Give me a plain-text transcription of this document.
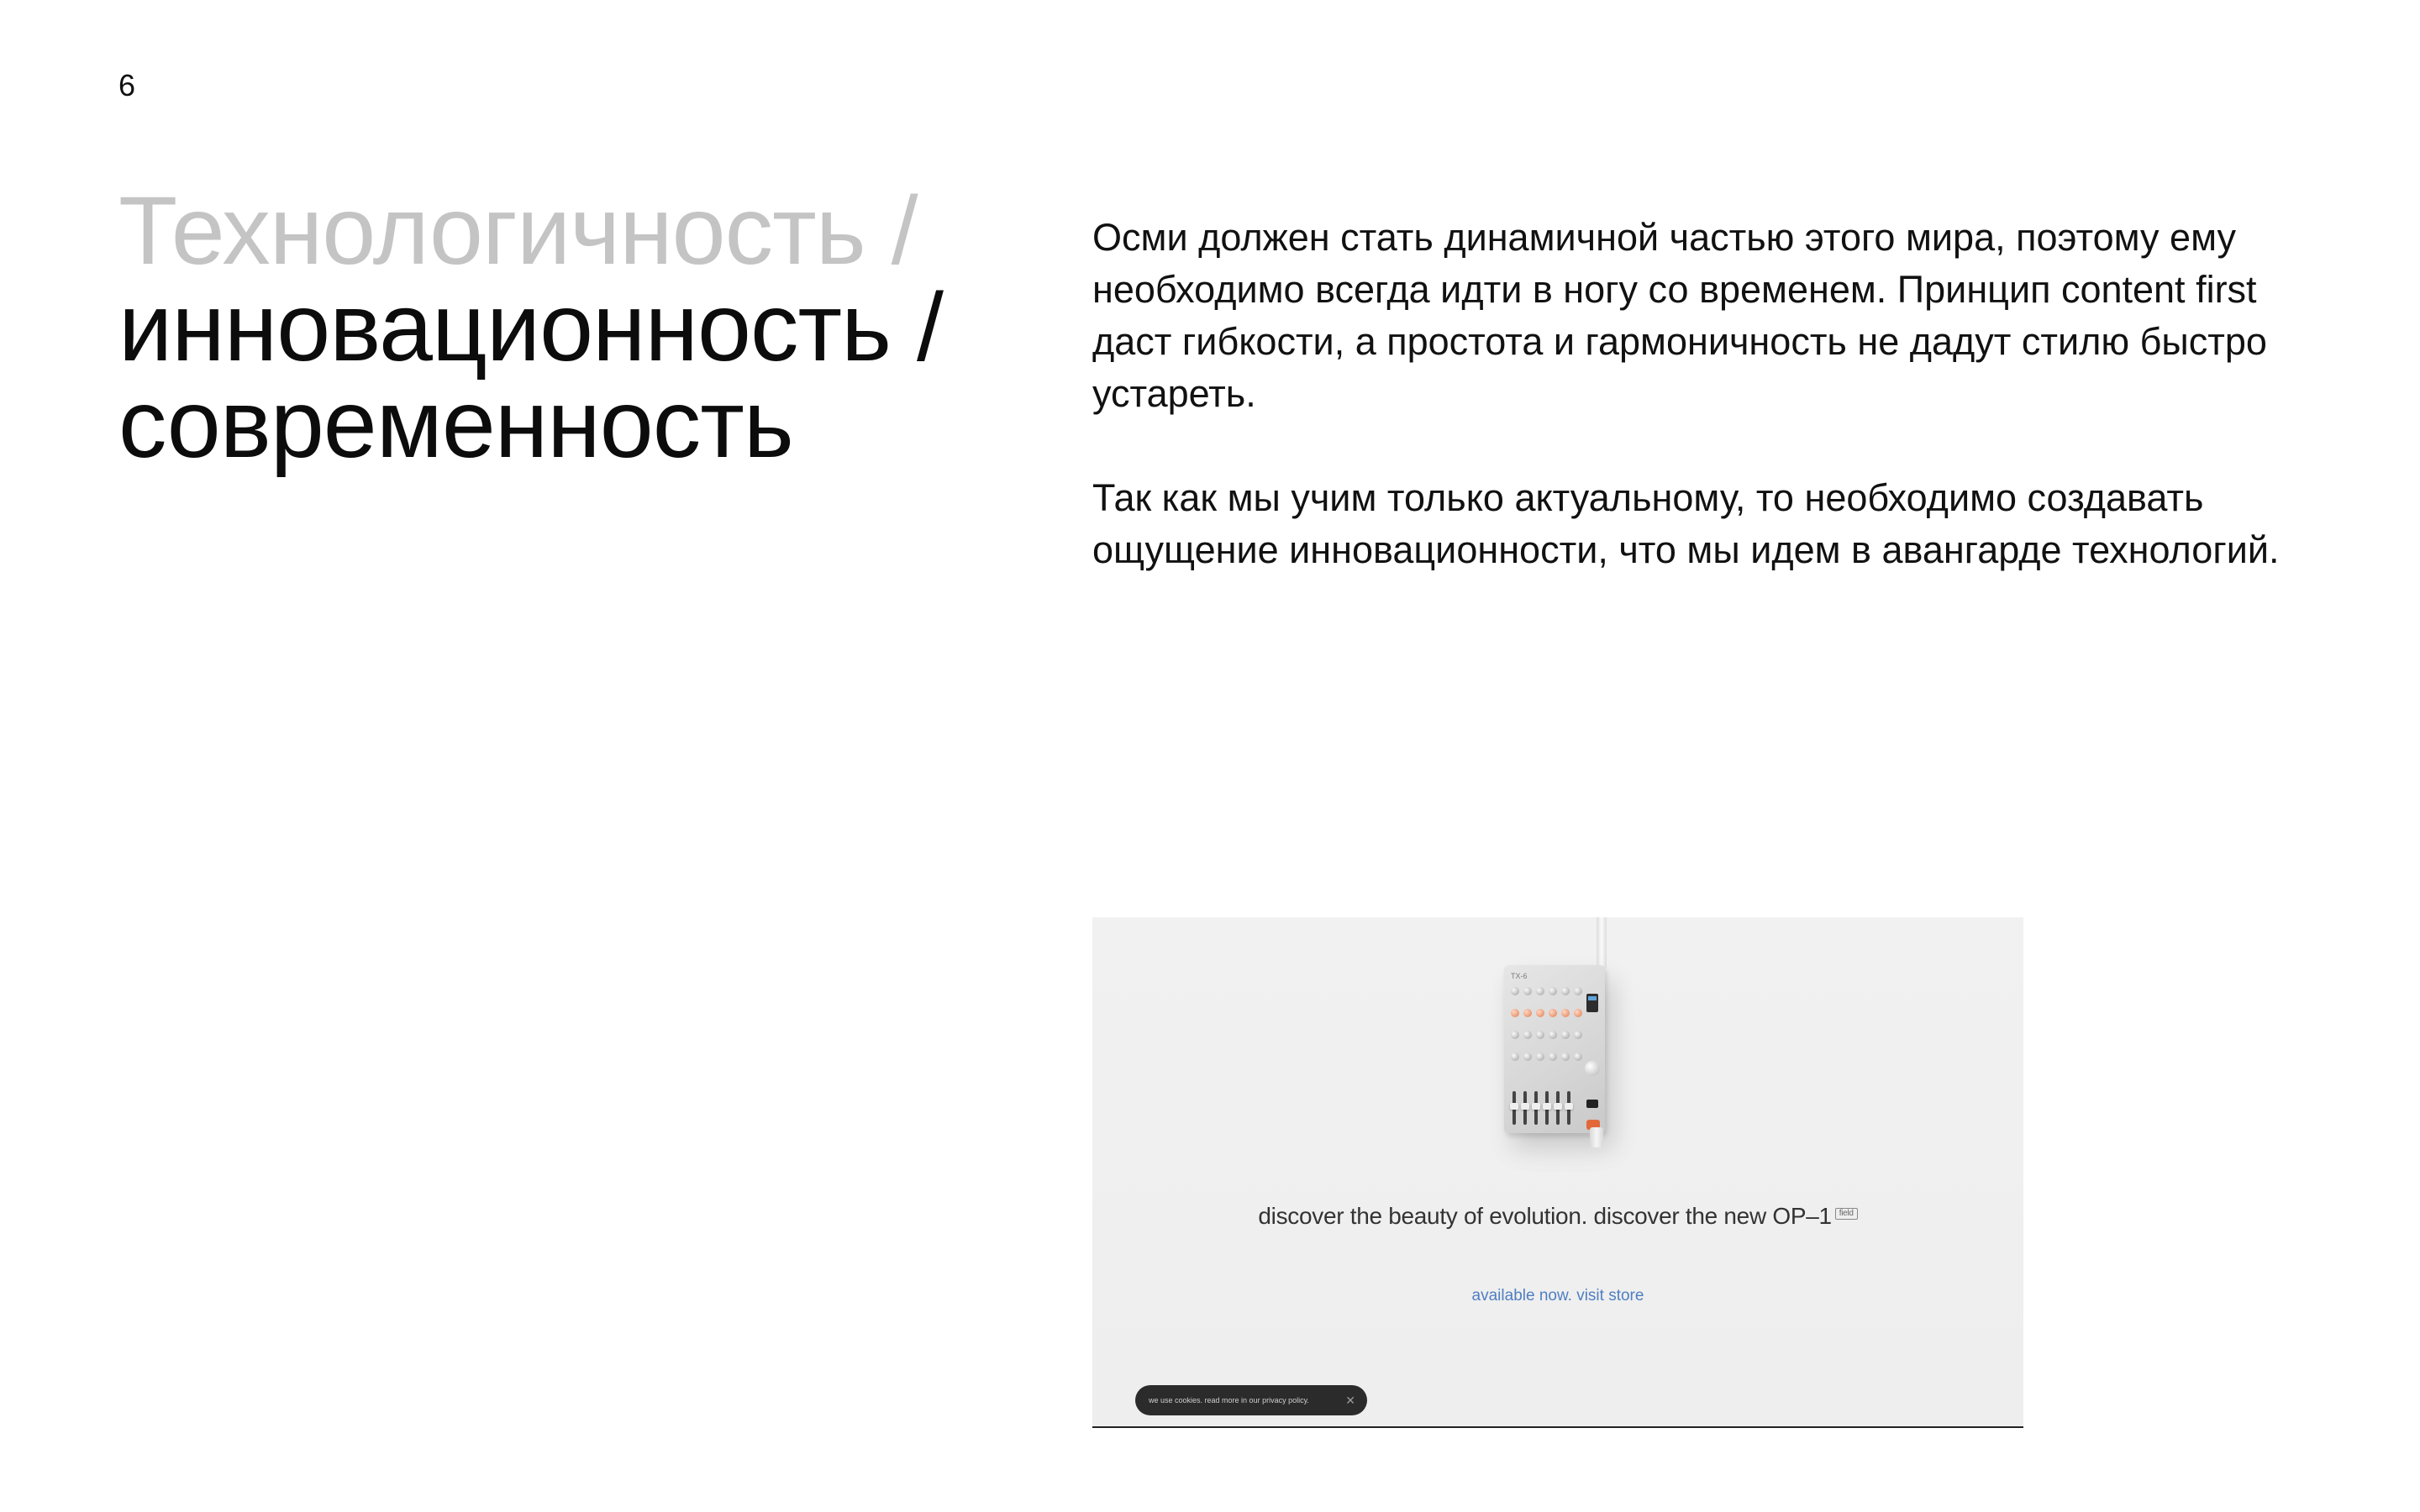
6
Технологичность /
инновационность /
современность

Осми должен стать динамичной частью этого мира, поэтому ему необходимо всегда идти в ногу со временем. Принцип content first даст гибкости, а простота и гармоничность не дадут стилю быстро устареть.

Так как мы учим только актуальному, то необходимо создавать ощущение инновационности, что мы идем в авангарде технологий.

TX-6
discover the beauty of evolution. discover the new OP–1 field
available now. visit store
we use cookies. read more in our privacy policy.	✕
